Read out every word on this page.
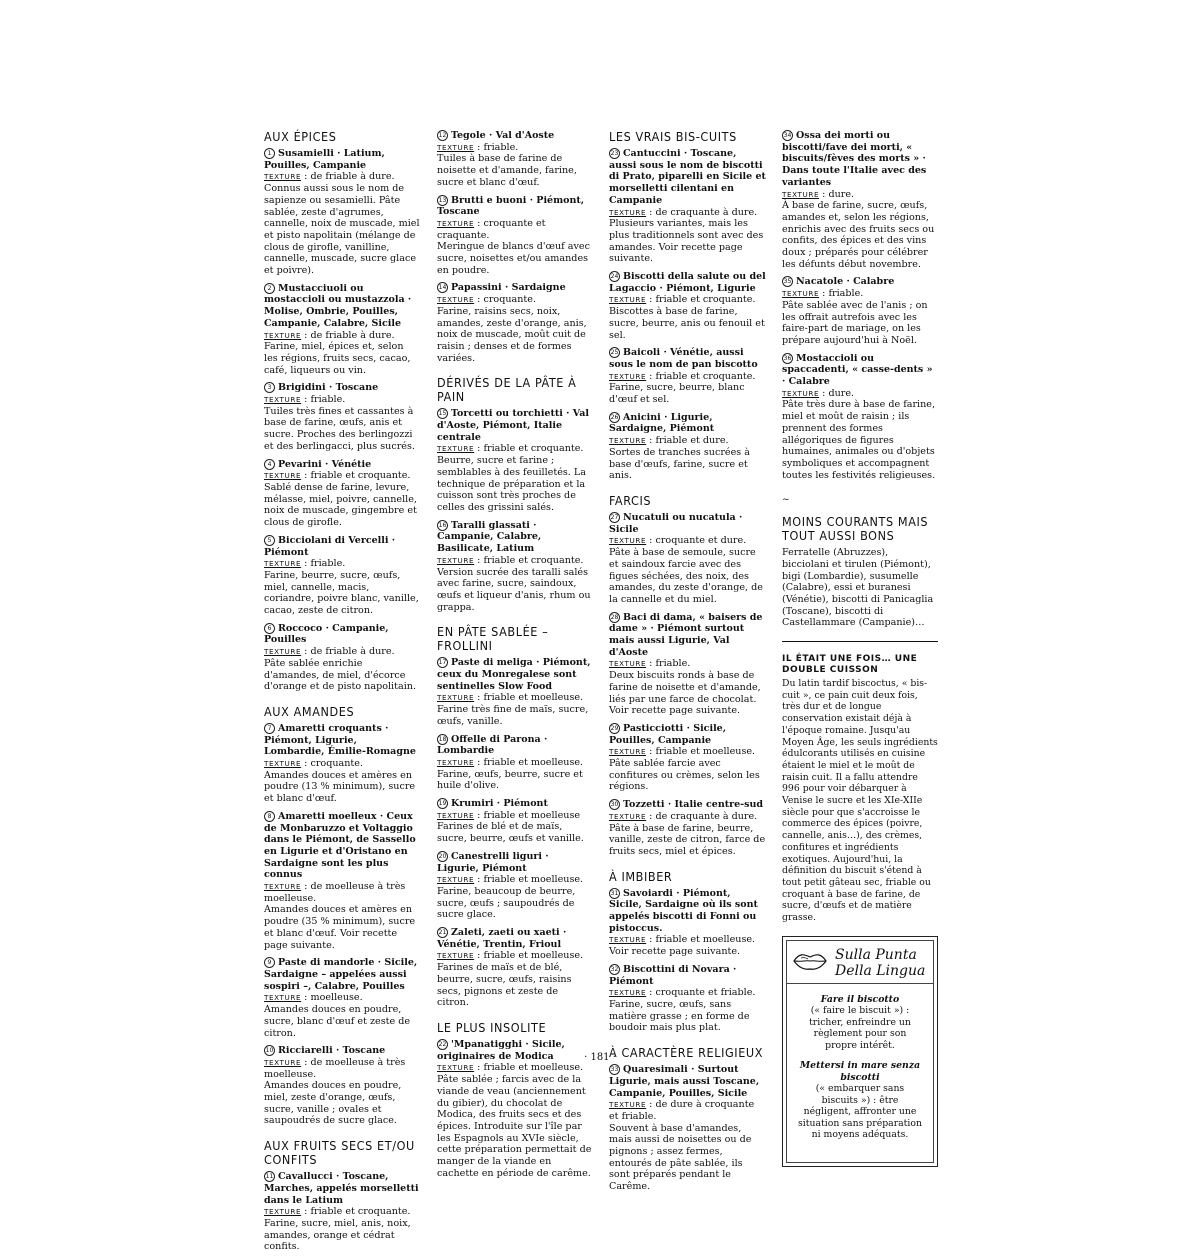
AUX ÉPICES
1 Susamielli · Latium, Pouilles, Campanie
TEXTURE : de friable à dure.
Connus aussi sous le nom de sapienze ou sesamielli. Pâte sablée, zeste d'agrumes, cannelle, noix de muscade, miel et pisto napolitain (mélange de clous de girofle, vanilline, cannelle, muscade, sucre glace et poivre).
2 Mustacciuoli ou mostaccioli ou mustazzola · Molise, Ombrie, Pouilles, Campanie, Calabre, Sicile
TEXTURE : de friable à dure.
Farine, miel, épices et, selon les régions, fruits secs, cacao, café, liqueurs ou vin.
3 Brigidini · Toscane
TEXTURE : friable.
Tuiles très fines et cassantes à base de farine, œufs, anis et sucre. Proches des berlingozzi et des berlingacci, plus sucrés.
4 Pevarini · Vénétie
TEXTURE : friable et croquante.
Sablé dense de farine, levure, mélasse, miel, poivre, cannelle, noix de muscade, gingembre et clous de girofle.
5 Bicciolani di Vercelli · Piémont
TEXTURE : friable.
Farine, beurre, sucre, œufs, miel, cannelle, macis, coriandre, poivre blanc, vanille, cacao, zeste de citron.
6 Roccoco · Campanie, Pouilles
TEXTURE : de friable à dure.
Pâte sablée enrichie d'amandes, de miel, d'écorce d'orange et de pisto napolitain.
AUX AMANDES
7 Amaretti croquants · Piémont, Ligurie, Lombardie, Émilie-Romagne
TEXTURE : croquante.
Amandes douces et amères en poudre (13 % minimum), sucre et blanc d'œuf.
8 Amaretti moelleux · Ceux de Monbaruzzo et Voltaggio dans le Piémont, de Sassello en Ligurie et d'Oristano en Sardaigne sont les plus connus
TEXTURE : de moelleuse à très moelleuse.
Amandes douces et amères en poudre (35 % minimum), sucre et blanc d'œuf. Voir recette page suivante.
9 Paste di mandorle · Sicile, Sardaigne – appelées aussi sospiri –, Calabre, Pouilles
TEXTURE : moelleuse.
Amandes douces en poudre, sucre, blanc d'œuf et zeste de citron.
10 Ricciarelli · Toscane
TEXTURE : de moelleuse à très moelleuse.
Amandes douces en poudre, miel, zeste d'orange, œufs, sucre, vanille ; ovales et saupoudrés de sucre glace.
AUX FRUITS SECS ET/OU CONFITS
11 Cavallucci · Toscane, Marches, appelés morselletti dans le Latium
TEXTURE : friable et croquante.
Farine, sucre, miel, anis, noix, amandes, orange et cédrat confits.
12 Tegole · Val d'Aoste
TEXTURE : friable.
Tuiles à base de farine de noisette et d'amande, farine, sucre et blanc d'œuf.
13 Brutti e buoni · Piémont, Toscane
TEXTURE : croquante et craquante.
Meringue de blancs d'œuf avec sucre, noisettes et/ou amandes en poudre.
14 Papassini · Sardaigne
TEXTURE : croquante.
Farine, raisins secs, noix, amandes, zeste d'orange, anis, noix de muscade, moût cuit de raisin ; denses et de formes variées.
DÉRIVÉS DE LA PÂTE À PAIN
15 Torcetti ou torchietti · Val d'Aoste, Piémont, Italie centrale
TEXTURE : friable et croquante.
Beurre, sucre et farine ; semblables à des feuilletés. La technique de préparation et la cuisson sont très proches de celles des grissini salés.
16 Taralli glassati · Campanie, Calabre, Basilicate, Latium
TEXTURE : friable et croquante.
Version sucrée des taralli salés avec farine, sucre, saindoux, œufs et liqueur d'anis, rhum ou grappa.
EN PÂTE SABLÉE – FROLLINI
17 Paste di meliga · Piémont, ceux du Monregalese sont sentinelles Slow Food
TEXTURE : friable et moelleuse.
Farine très fine de maïs, sucre, œufs, vanille.
18 Offelle di Parona · Lombardie
TEXTURE : friable et moelleuse.
Farine, œufs, beurre, sucre et huile d'olive.
19 Krumiri · Piémont
TEXTURE : friable et moelleuse
Farines de blé et de maïs, sucre, beurre, œufs et vanille.
20 Canestrelli liguri · Ligurie, Piémont
TEXTURE : friable et moelleuse.
Farine, beaucoup de beurre, sucre, œufs ; saupoudrés de sucre glace.
21 Zaleti, zaeti ou xaeti · Vénétie, Trentin, Frioul
TEXTURE : friable et moelleuse.
Farines de maïs et de blé, beurre, sucre, œufs, raisins secs, pignons et zeste de citron.
LE PLUS INSOLITE
22 'Mpanatigghi · Sicile, originaires de Modica
TEXTURE : friable et moelleuse.
Pâte sablée ; farcis avec de la viande de veau (anciennement du gibier), du chocolat de Modica, des fruits secs et des épices. Introduite sur l'île par les Espagnols au XVIe siècle, cette préparation permettait de manger de la viande en cachette en période de carême.
LES VRAIS BIS-CUITS
23 Cantuccini · Toscane, aussi sous le nom de biscotti di Prato, piparelli en Sicile et morselletti cilentani en Campanie
TEXTURE : de craquante à dure.
Plusieurs variantes, mais les plus traditionnels sont avec des amandes. Voir recette page suivante.
24 Biscotti della salute ou del Lagaccio · Piémont, Ligurie
TEXTURE : friable et croquante.
Biscottes à base de farine, sucre, beurre, anis ou fenouil et sel.
25 Baicoli · Vénétie, aussi sous le nom de pan biscotto
TEXTURE : friable et croquante.
Farine, sucre, beurre, blanc d'œuf et sel.
26 Anicini · Ligurie, Sardaigne, Piémont
TEXTURE : friable et dure.
Sortes de tranches sucrées à base d'œufs, farine, sucre et anis.
FARCIS
27 Nucatuli ou nucatula · Sicile
TEXTURE : croquante et dure.
Pâte à base de semoule, sucre et saindoux farcie avec des figues séchées, des noix, des amandes, du zeste d'orange, de la cannelle et du miel.
28 Baci di dama, « baisers de dame » · Piémont surtout mais aussi Ligurie, Val d'Aoste
TEXTURE : friable.
Deux biscuits ronds à base de farine de noisette et d'amande, liés par une farce de chocolat. Voir recette page suivante.
29 Pasticciotti · Sicile, Pouilles, Campanie
TEXTURE : friable et moelleuse.
Pâte sablée farcie avec confitures ou crèmes, selon les régions.
30 Tozzetti · Italie centre-sud
TEXTURE : de craquante à dure.
Pâte à base de farine, beurre, vanille, zeste de citron, farce de fruits secs, miel et épices.
À IMBIBER
31 Savoiardi · Piémont, Sicile, Sardaigne où ils sont appelés biscotti di Fonni ou pistoccus.
TEXTURE : friable et moelleuse.
Voir recette page suivante.
32 Biscottini di Novara · Piémont
TEXTURE : croquante et friable.
Farine, sucre, œufs, sans matière grasse ; en forme de boudoir mais plus plat.
À CARACTÈRE RELIGIEUX
33 Quaresimali · Surtout Ligurie, mais aussi Toscane, Campanie, Pouilles, Sicile
TEXTURE : de dure à croquante et friable.
Souvent à base d'amandes, mais aussi de noisettes ou de pignons ; assez fermes, entourés de pâte sablée, ils sont préparés pendant le Carême.
34 Ossa dei morti ou biscotti/fave dei morti, « biscuits/fèves des morts » · Dans toute l'Italie avec des variantes
TEXTURE : dure.
À base de farine, sucre, œufs, amandes et, selon les régions, enrichis avec des fruits secs ou confits, des épices et des vins doux ; préparés pour célébrer les défunts début novembre.
35 Nacatole · Calabre
TEXTURE : friable.
Pâte sablée avec de l'anis ; on les offrait autrefois avec les faire-part de mariage, on les prépare aujourd'hui à Noël.
36 Mostaccioli ou spaccadenti, « casse-dents » · Calabre
TEXTURE : dure.
Pâte très dure à base de farine, miel et moût de raisin ; ils prennent des formes allégoriques de figures humaines, animales ou d'objets symboliques et accompagnent toutes les festivités religieuses.
~
MOINS COURANTS MAIS TOUT AUSSI BONS
Ferratelle (Abruzzes), bicciolani et tirulen (Piémont), bigi (Lombardie), susumelle (Calabre), essi et buranesi (Vénétie), biscotti di Panicaglia (Toscane), biscotti di Castellammare (Campanie)…
IL ÉTAIT UNE FOIS… UNE DOUBLE CUISSON
Du latin tardif biscoctus, « bis-cuit », ce pain cuit deux fois, très dur et de longue conservation existait déjà à l'époque romaine. Jusqu'au Moyen Âge, les seuls ingrédients édulcorants utilisés en cuisine étaient le miel et le moût de raisin cuit. Il a fallu attendre 996 pour voir débarquer à Venise le sucre et les XIe-XIIe siècle pour que s'accroisse le commerce des épices (poivre, cannelle, anis…), des crèmes, confitures et ingrédients exotiques. Aujourd'hui, la définition du biscuit s'étend à tout petit gâteau sec, friable ou croquant à base de farine, de sucre, d'œufs et de matière grasse.
Sulla Punta Della Lingua

Fare il biscotto
(« faire le biscuit ») : tricher, enfreindre un règlement pour son propre intérêt.

Mettersi in mare senza biscotti
(« embarquer sans biscuits ») : être négligent, affronter une situation sans préparation ni moyens adéquats.

· 181 ·
